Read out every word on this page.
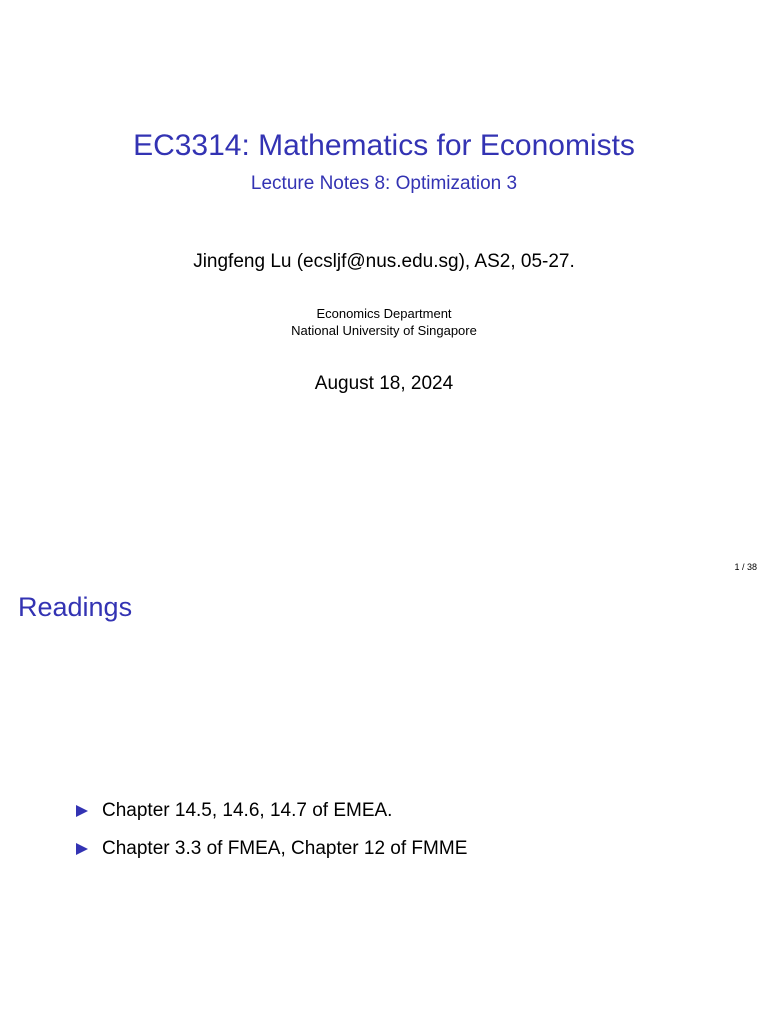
EC3314: Mathematics for Economists
Lecture Notes 8: Optimization 3
Jingfeng Lu (ecsljf@nus.edu.sg), AS2, 05-27.
Economics Department
National University of Singapore
August 18, 2024
1 / 38
Readings
Chapter 14.5, 14.6, 14.7 of EMEA.
Chapter 3.3 of FMEA, Chapter 12 of FMME
